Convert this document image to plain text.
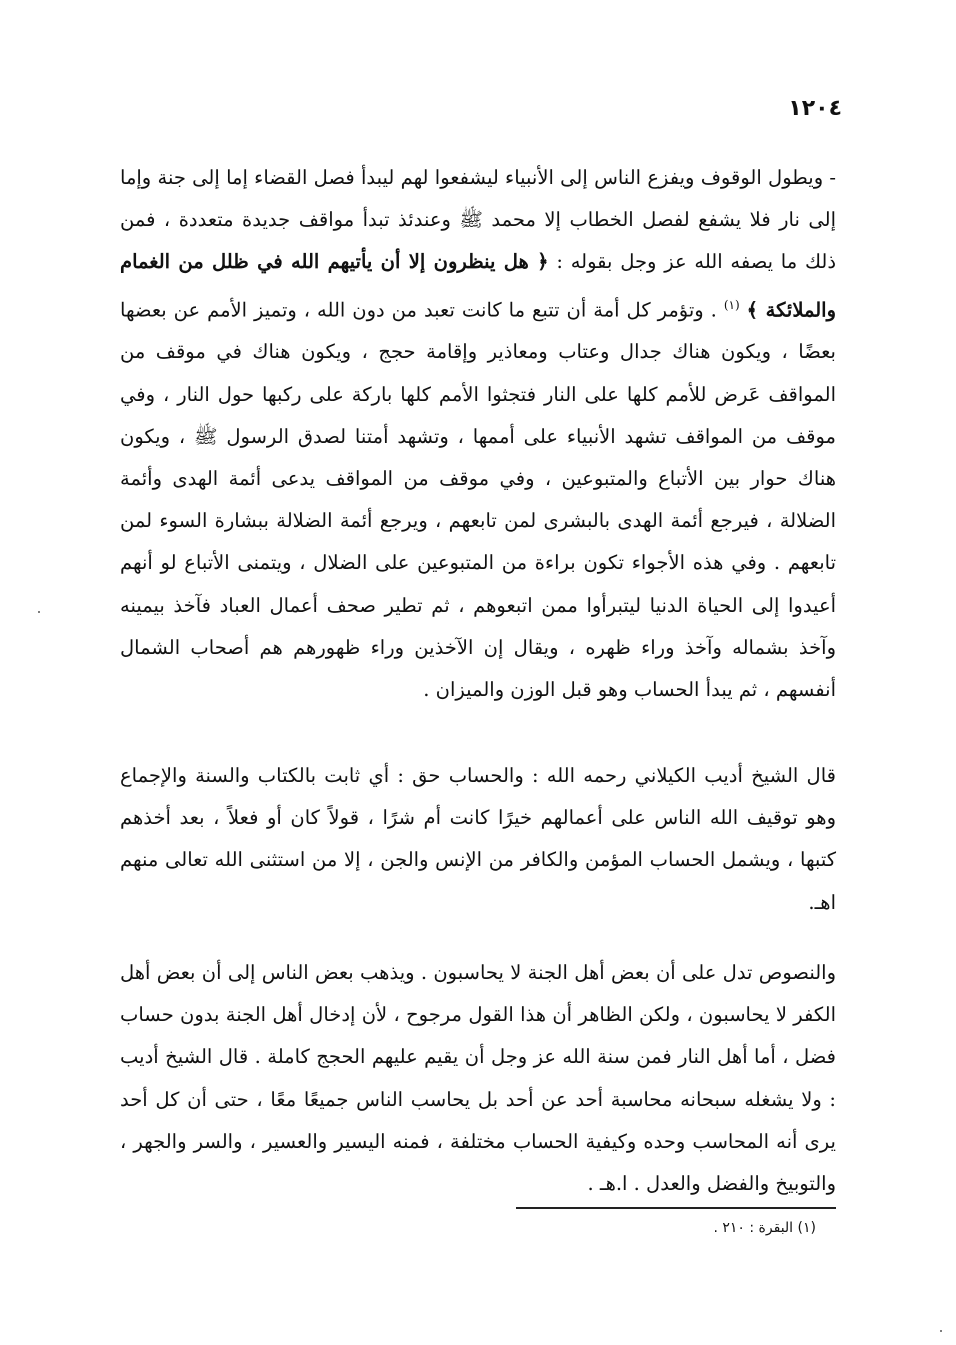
١٢٠٤

- ويطول الوقوف ويفزع الناس إلى الأنبياء ليشفعوا لهم ليبدأ فصل القضاء إما إلى جنة وإما إلى نار فلا يشفع لفصل الخطاب إلا محمد ﷺ وعندئذ تبدأ مواقف جديدة متعددة ، فمن ذلك ما يصفه الله عز وجل بقوله : ﴿ هل ينظرون إلا أن يأتيهم الله في ظلل من الغمام والملائكة ﴾ $^{(١)}$ . وتؤمر كل أمة أن تتبع ما كانت تعبد من دون الله ، وتميز الأمم عن بعضها بعضًا ، ويكون هناك جدال وعتاب ومعاذير وإقامة حجج ، ويكون هناك في موقف من المواقف عَرض للأمم كلها على النار فتجثوا الأمم كلها باركة على ركبها حول النار ، وفي موقف من المواقف تشهد الأنبياء على أممها ، وتشهد أمتنا لصدق الرسول ﷺ ، ويكون هناك حوار بين الأتباع والمتبوعين ، وفي موقف من المواقف يدعى أئمة الهدى وأئمة الضلالة ، فيرجع أئمة الهدى بالبشرى لمن تابعهم ، ويرجع أئمة الضلالة ببشارة السوء لمن تابعهم . وفي هذه الأجواء تكون براءة من المتبوعين على الضلال ، ويتمنى الأتباع لو أنهم أعيدوا إلى الحياة الدنيا ليتبرأوا ممن اتبعوهم ، ثم تطير صحف أعمال العباد فآخذ بيمينه وآخذ بشماله وآخذ وراء ظهره ، ويقال إن الآخذين وراء ظهورهم هم أصحاب الشمال أنفسهم ، ثم يبدأ الحساب وهو قبل الوزن والميزان .

قال الشيخ أديب الكيلاني رحمه الله : والحساب حق : أي ثابت بالكتاب والسنة والإجماع وهو توقيف الله الناس على أعمالهم خيرًا كانت أم شرًا ، قولاً كان أو فعلاً ، بعد أخذهم كتبها ، ويشمل الحساب المؤمن والكافر من الإنس والجن ، إلا من استثنى الله تعالى منهم اهـ.

والنصوص تدل على أن بعض أهل الجنة لا يحاسبون . ويذهب بعض الناس إلى أن بعض أهل الكفر لا يحاسبون ، ولكن الظاهر أن هذا القول مرجوح ، لأن إدخال أهل الجنة بدون حساب فضل ، أما أهل النار فمن سنة الله عز وجل أن يقيم عليهم الحجج كاملة . قال الشيخ أديب : ولا يشغله سبحانه محاسبة أحد عن أحد بل يحاسب الناس جميعًا معًا ، حتى أن كل أحد يرى أنه المحاسب وحده وكيفية الحساب مختلفة ، فمنه اليسير والعسير ، والسر والجهر ، والتوبيخ والفضل والعدل . ا.هـ .

(١) البقرة : ٢١٠ .
